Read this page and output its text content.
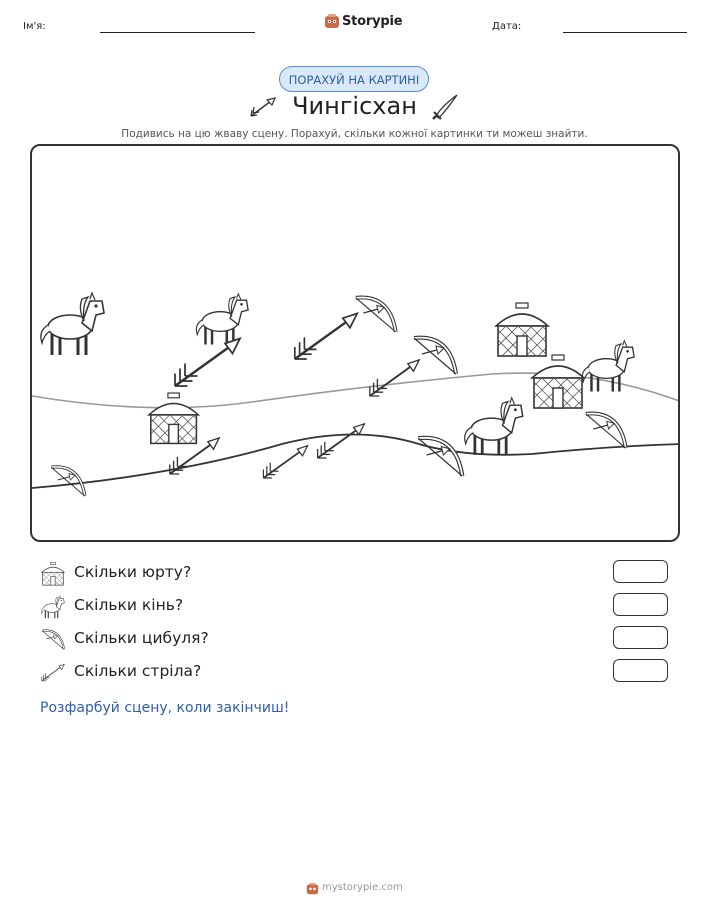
Ім'я:	Storypie	Дата:
ПОРАХУЙ НА КАРТИНІ
Чингісхан
Подивись на цю жваву сцену. Порахуй, скільки кожної картинки ти можеш знайти.
Скільки юрту?
Скільки кінь?
Скільки цибуля?
Скільки стріла?
Розфарбуй сцену, коли закінчиш!
mystorypie.com
